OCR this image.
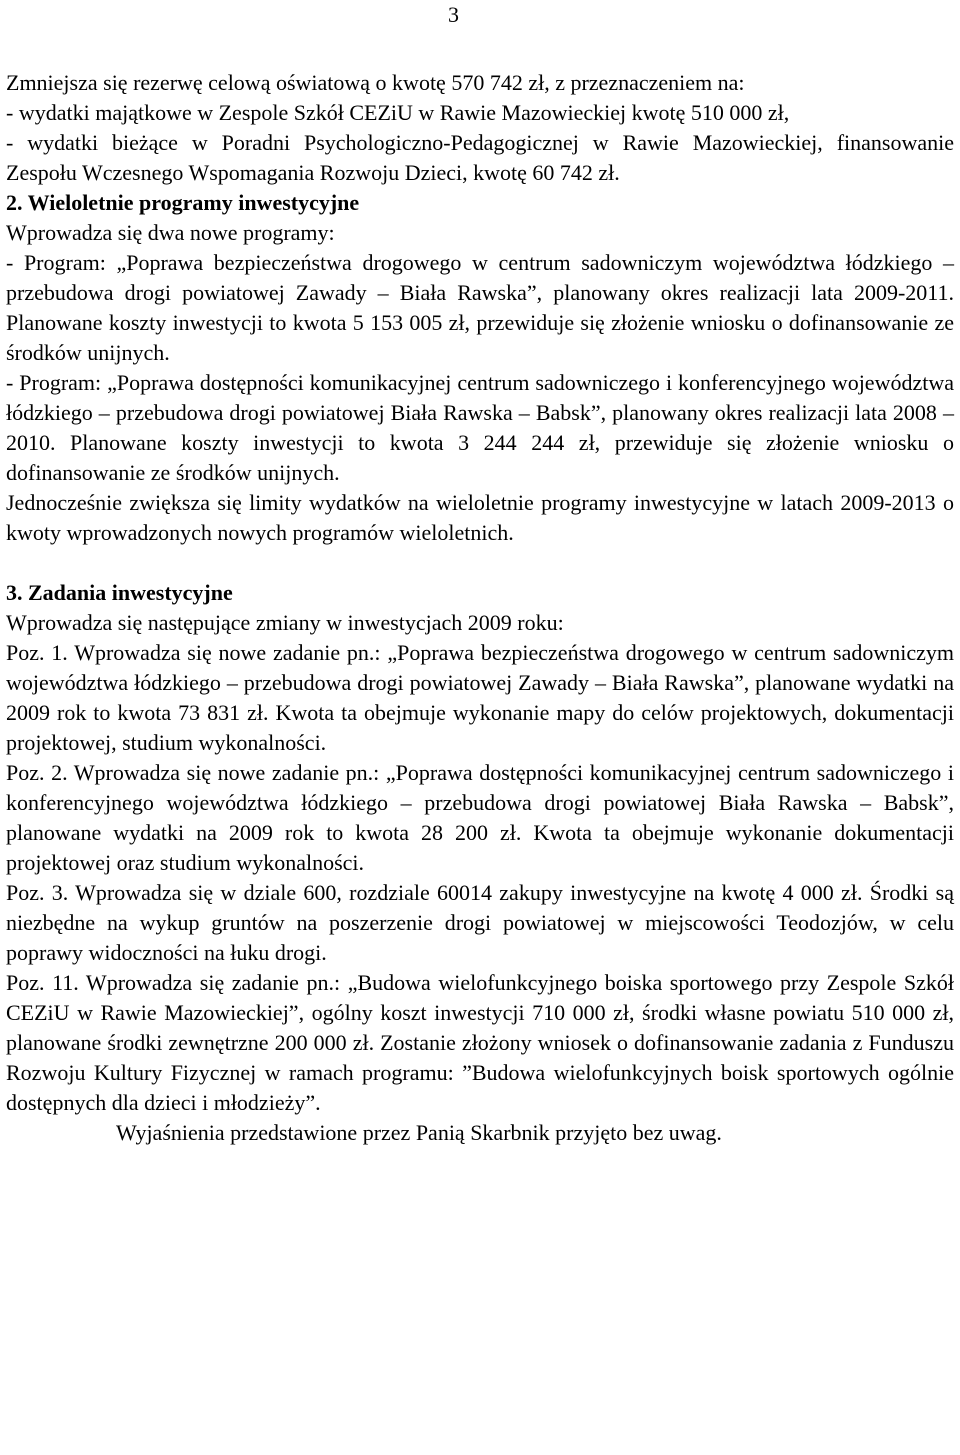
3

Zmniejsza się rezerwę celową oświatową o kwotę 570 742 zł, z przeznaczeniem na:

- wydatki majątkowe w Zespole Szkół CEZiU w Rawie Mazowieckiej kwotę 510 000 zł,

- wydatki bieżące w Poradni Psychologiczno-Pedagogicznej w Rawie Mazowieckiej, finansowanie Zespołu Wczesnego Wspomagania Rozwoju Dzieci, kwotę 60 742 zł.

2. Wieloletnie programy inwestycyjne

Wprowadza się dwa nowe programy:

- Program: „Poprawa bezpieczeństwa drogowego w centrum sadowniczym województwa łódzkiego – przebudowa drogi powiatowej Zawady – Biała Rawska”, planowany okres realizacji lata 2009-2011. Planowane koszty inwestycji to kwota 5 153 005 zł, przewiduje się złożenie wniosku o dofinansowanie ze środków unijnych.

- Program: „Poprawa dostępności komunikacyjnej centrum sadowniczego i konferencyjnego województwa łódzkiego – przebudowa drogi powiatowej Biała Rawska – Babsk”, planowany okres realizacji lata 2008 – 2010. Planowane koszty inwestycji to kwota 3 244 244 zł, przewiduje się złożenie wniosku o dofinansowanie ze środków unijnych.

Jednocześnie zwiększa się limity wydatków na wieloletnie programy inwestycyjne w latach 2009-2013 o kwoty wprowadzonych nowych programów wieloletnich.

3. Zadania inwestycyjne

Wprowadza się następujące zmiany w inwestycjach 2009 roku:

Poz. 1. Wprowadza się nowe zadanie pn.: „Poprawa bezpieczeństwa drogowego w centrum sadowniczym województwa łódzkiego – przebudowa drogi powiatowej Zawady – Biała Rawska”, planowane wydatki na 2009 rok to kwota 73 831 zł. Kwota ta obejmuje wykonanie mapy do celów projektowych, dokumentacji projektowej, studium wykonalności.

Poz. 2. Wprowadza się nowe zadanie pn.: „Poprawa dostępności komunikacyjnej centrum sadowniczego i konferencyjnego województwa łódzkiego – przebudowa drogi powiatowej Biała Rawska – Babsk”, planowane wydatki na 2009 rok to kwota 28 200 zł. Kwota ta obejmuje wykonanie dokumentacji projektowej oraz studium wykonalności.

Poz. 3. Wprowadza się w dziale 600, rozdziale 60014 zakupy inwestycyjne na kwotę 4 000 zł. Środki są niezbędne na wykup gruntów na poszerzenie drogi powiatowej w miejscowości Teodozjów, w celu poprawy widoczności na łuku drogi.

Poz. 11. Wprowadza się zadanie pn.: „Budowa wielofunkcyjnego boiska sportowego przy Zespole Szkół CEZiU w Rawie Mazowieckiej”, ogólny koszt inwestycji 710 000 zł, środki własne powiatu 510 000 zł, planowane środki zewnętrzne 200 000 zł. Zostanie złożony wniosek o dofinansowanie zadania z Funduszu Rozwoju Kultury Fizycznej w ramach programu: ”Budowa wielofunkcyjnych boisk sportowych ogólnie dostępnych dla dzieci i młodzieży”.

Wyjaśnienia przedstawione przez Panią Skarbnik przyjęto bez uwag.
